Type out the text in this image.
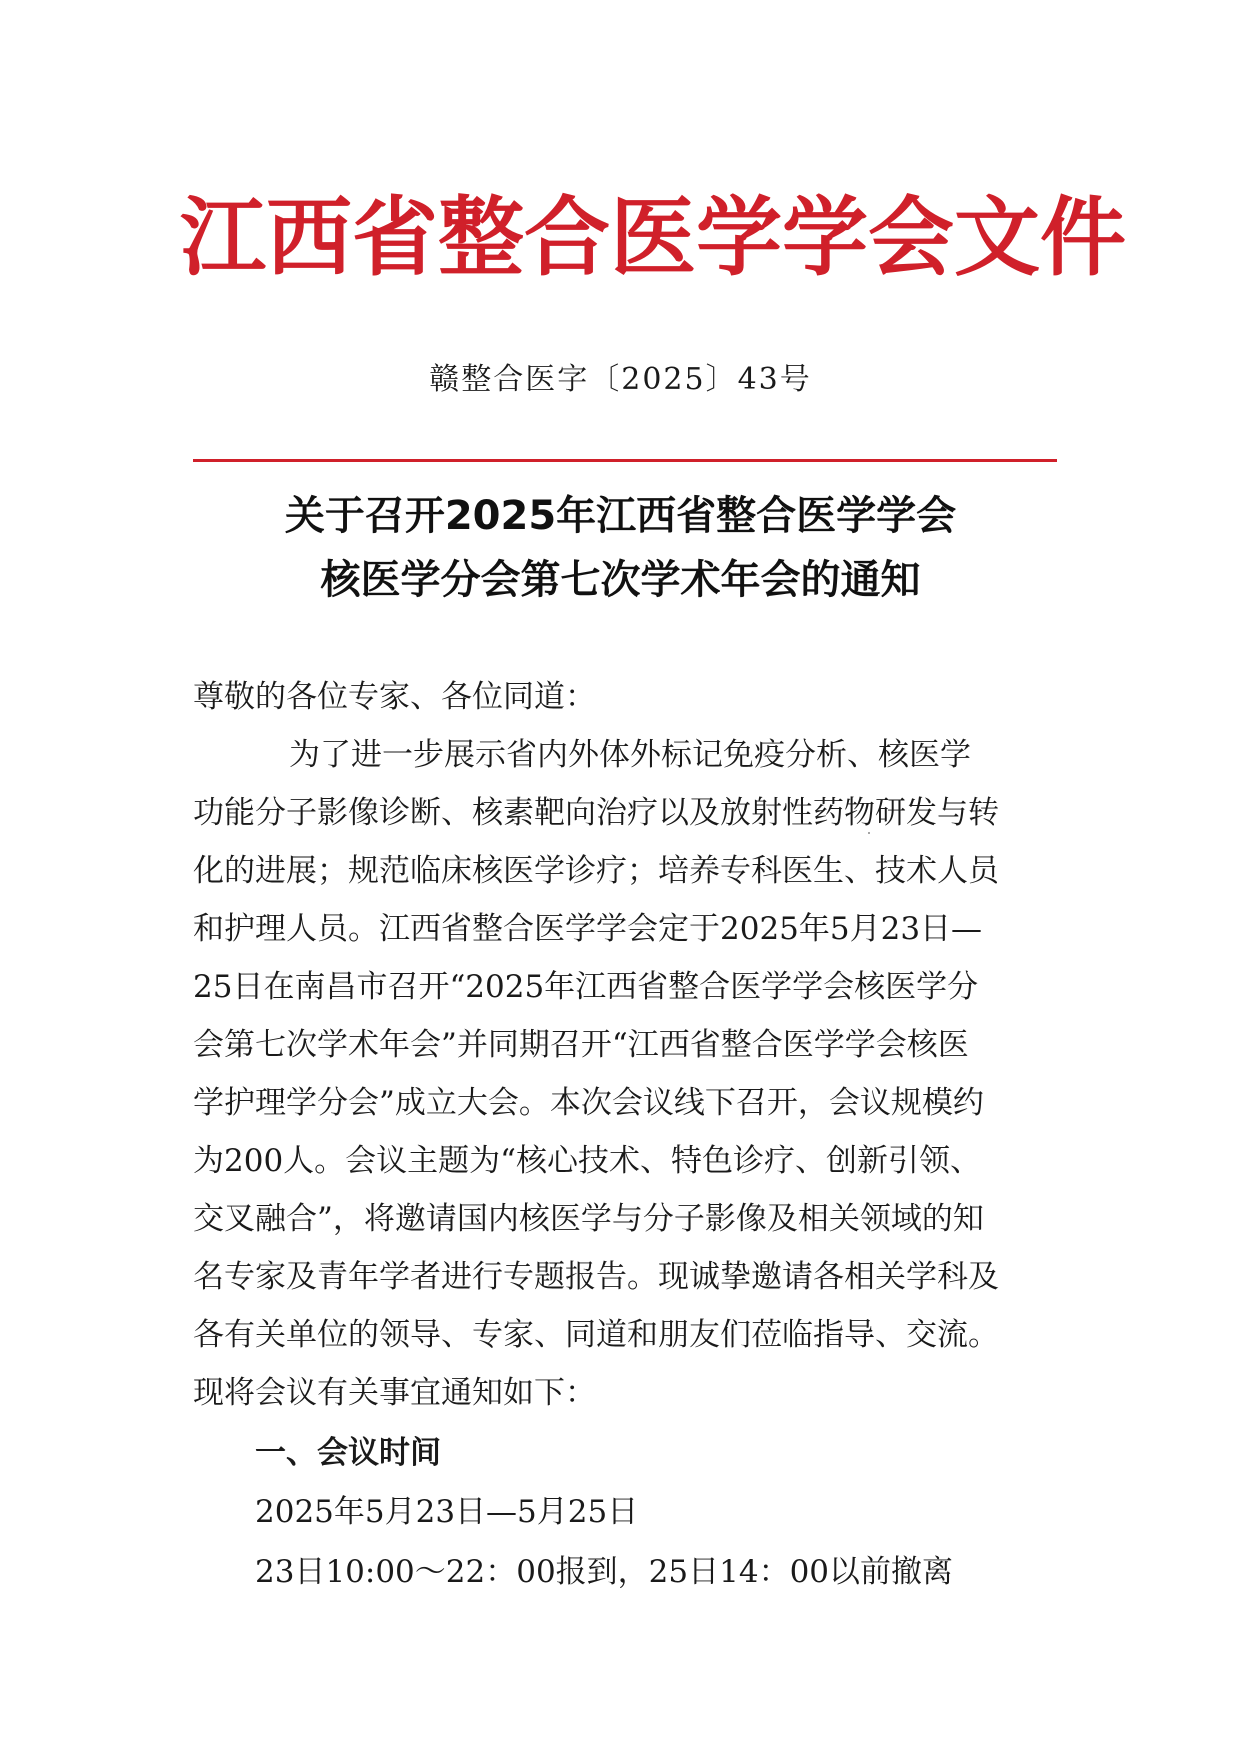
江西省整合医学学会文件
赣整合医字〔2025〕43号
关于召开2025年江西省整合医学学会
核医学分会第七次学术年会的通知
尊敬的各位专家、各位同道：
为了进一步展示省内外体外标记免疫分析、核医学
功能分子影像诊断、核素靶向治疗以及放射性药物研发与转
化的进展；规范临床核医学诊疗；培养专科医生、技术人员
和护理人员。江西省整合医学学会定于2025年5月23日—
25日在南昌市召开“2025年江西省整合医学学会核医学分
会第七次学术年会”并同期召开“江西省整合医学学会核医
学护理学分会”成立大会。本次会议线下召开，会议规模约
为200人。会议主题为“核心技术、特色诊疗、创新引领、
交叉融合”，将邀请国内核医学与分子影像及相关领域的知
名专家及青年学者进行专题报告。现诚挚邀请各相关学科及
各有关单位的领导、专家、同道和朋友们莅临指导、交流。
现将会议有关事宜通知如下：
一、会议时间
2025年5月23日—5月25日
23日10:00～22：00报到，25日14：00以前撤离
